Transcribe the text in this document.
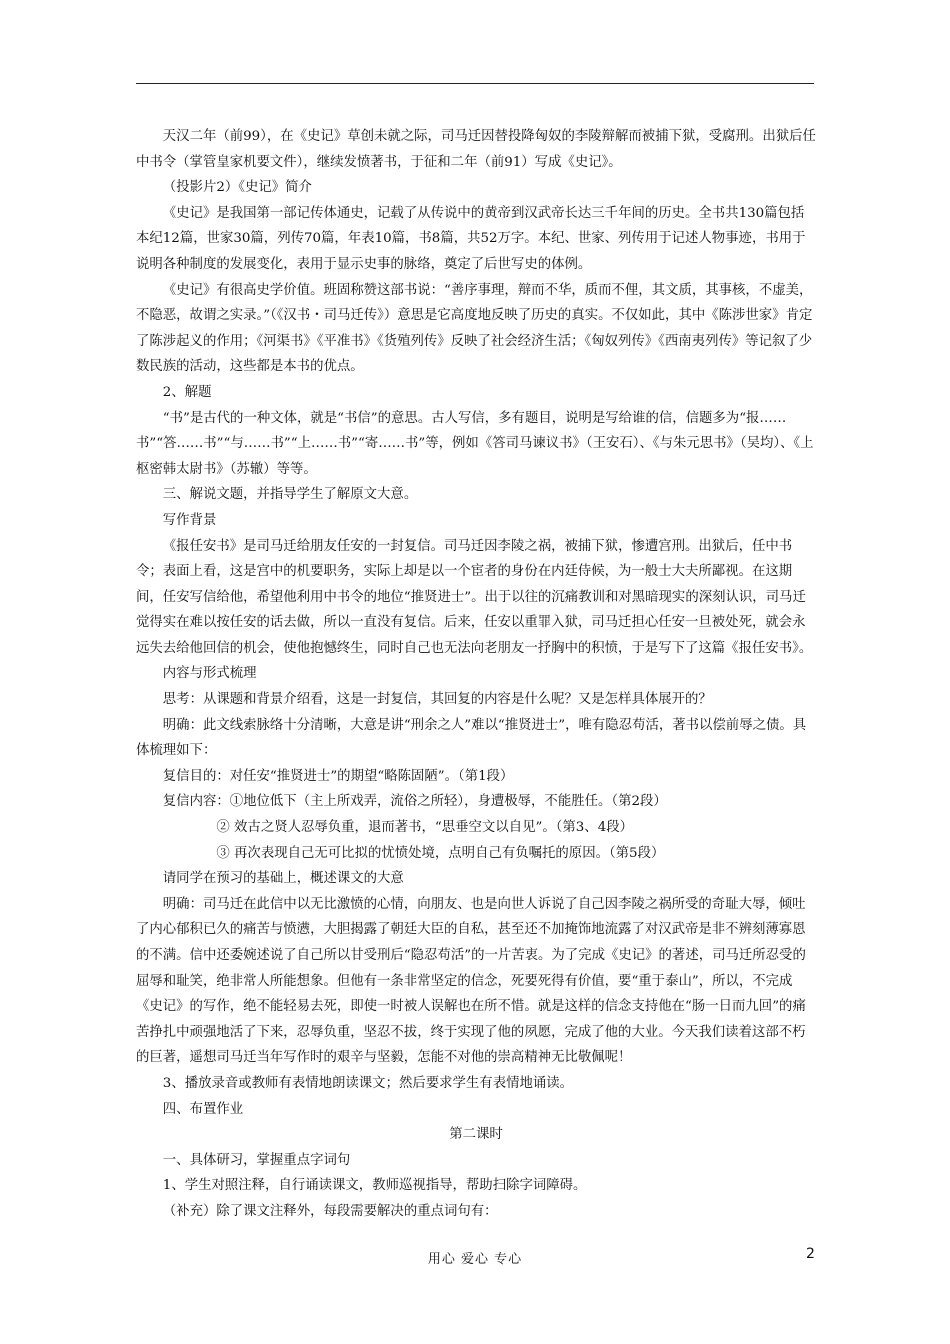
天汉二年（前99），在《史记》草创未就之际，司马迁因替投降匈奴的李陵辩解而被捕下狱，受腐刑。出狱后任中书令（掌管皇家机要文件），继续发愤著书，于征和二年（前91）写成《史记》。

（投影片2）《史记》简介

《史记》是我国第一部记传体通史，记载了从传说中的黄帝到汉武帝长达三千年间的历史。全书共130篇包括本纪12篇，世家30篇，列传70篇，年表10篇，书8篇，共52万字。本纪、世家、列传用于记述人物事迹，书用于说明各种制度的发展变化，表用于显示史事的脉络，奠定了后世写史的体例。

《史记》有很高史学价值。班固称赞这部书说：“善序事理，辩而不华，质而不俚，其文质，其事核，不虚美，不隐恶，故谓之实录。”（《汉书・司马迁传》）意思是它高度地反映了历史的真实。不仅如此，其中《陈涉世家》肯定了陈涉起义的作用；《河渠书》《平准书》《货殖列传》反映了社会经济生活；《匈奴列传》《西南夷列传》等记叙了少数民族的活动，这些都是本书的优点。

2、解题

“书”是古代的一种文体，就是“书信”的意思。古人写信，多有题目，说明是写给谁的信，信题多为“报……书”“答……书”“与……书”“上……书”“寄……书”等，例如《答司马谏议书》（王安石）、《与朱元思书》（吴均）、《上枢密韩太尉书》（苏辙）等等。

三、解说文题，并指导学生了解原文大意。

写作背景

《报任安书》是司马迁给朋友任安的一封复信。司马迁因李陵之祸，被捕下狱，惨遭宫刑。出狱后，任中书令；表面上看，这是宫中的机要职务，实际上却是以一个宦者的身份在内廷侍候，为一般士大夫所鄙视。在这期间，任安写信给他，希望他利用中书令的地位“推贤进士”。出于以往的沉痛教训和对黑暗现实的深刻认识，司马迁觉得实在难以按任安的话去做，所以一直没有复信。后来，任安以重罪入狱，司马迁担心任安一旦被处死，就会永远失去给他回信的机会，使他抱憾终生，同时自己也无法向老朋友一抒胸中的积愤，于是写下了这篇《报任安书》。

内容与形式梳理

思考：从课题和背景介绍看，这是一封复信，其回复的内容是什么呢？又是怎样具体展开的？

明确：此文线索脉络十分清晰，大意是讲“刑余之人”难以“推贤进士”，唯有隐忍苟活，著书以偿前辱之债。具体梳理如下：

复信目的：对任安“推贤进士”的期望“略陈固陋”。（第1段）

复信内容：①地位低下（主上所戏弄，流俗之所轻），身遭极辱，不能胜任。（第2段）

② 效古之贤人忍辱负重，退而著书，“思垂空文以自见”。（第3、4段）

③ 再次表现自己无可比拟的忧愤处境，点明自己有负嘱托的原因。（第5段）

请同学在预习的基础上，概述课文的大意

明确：司马迁在此信中以无比激愤的心情，向朋友、也是向世人诉说了自己因李陵之祸所受的奇耻大辱，倾吐了内心郁积已久的痛苦与愤懑，大胆揭露了朝廷大臣的自私，甚至还不加掩饰地流露了对汉武帝是非不辨刻薄寡恩的不满。信中还委婉述说了自己所以甘受刑后“隐忍苟活”的一片苦衷。为了完成《史记》的著述，司马迁所忍受的屈辱和耻笑，绝非常人所能想象。但他有一条非常坚定的信念，死要死得有价值，要“重于泰山”，所以，不完成《史记》的写作，绝不能轻易去死，即使一时被人误解也在所不惜。就是这样的信念支持他在“肠一日而九回”的痛苦挣扎中顽强地活了下来，忍辱负重，坚忍不拔，终于实现了他的夙愿，完成了他的大业。今天我们读着这部不朽的巨著，遥想司马迁当年写作时的艰辛与坚毅，怎能不对他的崇高精神无比敬佩呢！

3、播放录音或教师有表情地朗读课文；然后要求学生有表情地诵读。

四、布置作业

第二课时

一、具体研习，掌握重点字词句

1、学生对照注释，自行诵读课文，教师巡视指导，帮助扫除字词障碍。

（补充）除了课文注释外，每段需要解决的重点词句有：

用心 爱心 专心	2
